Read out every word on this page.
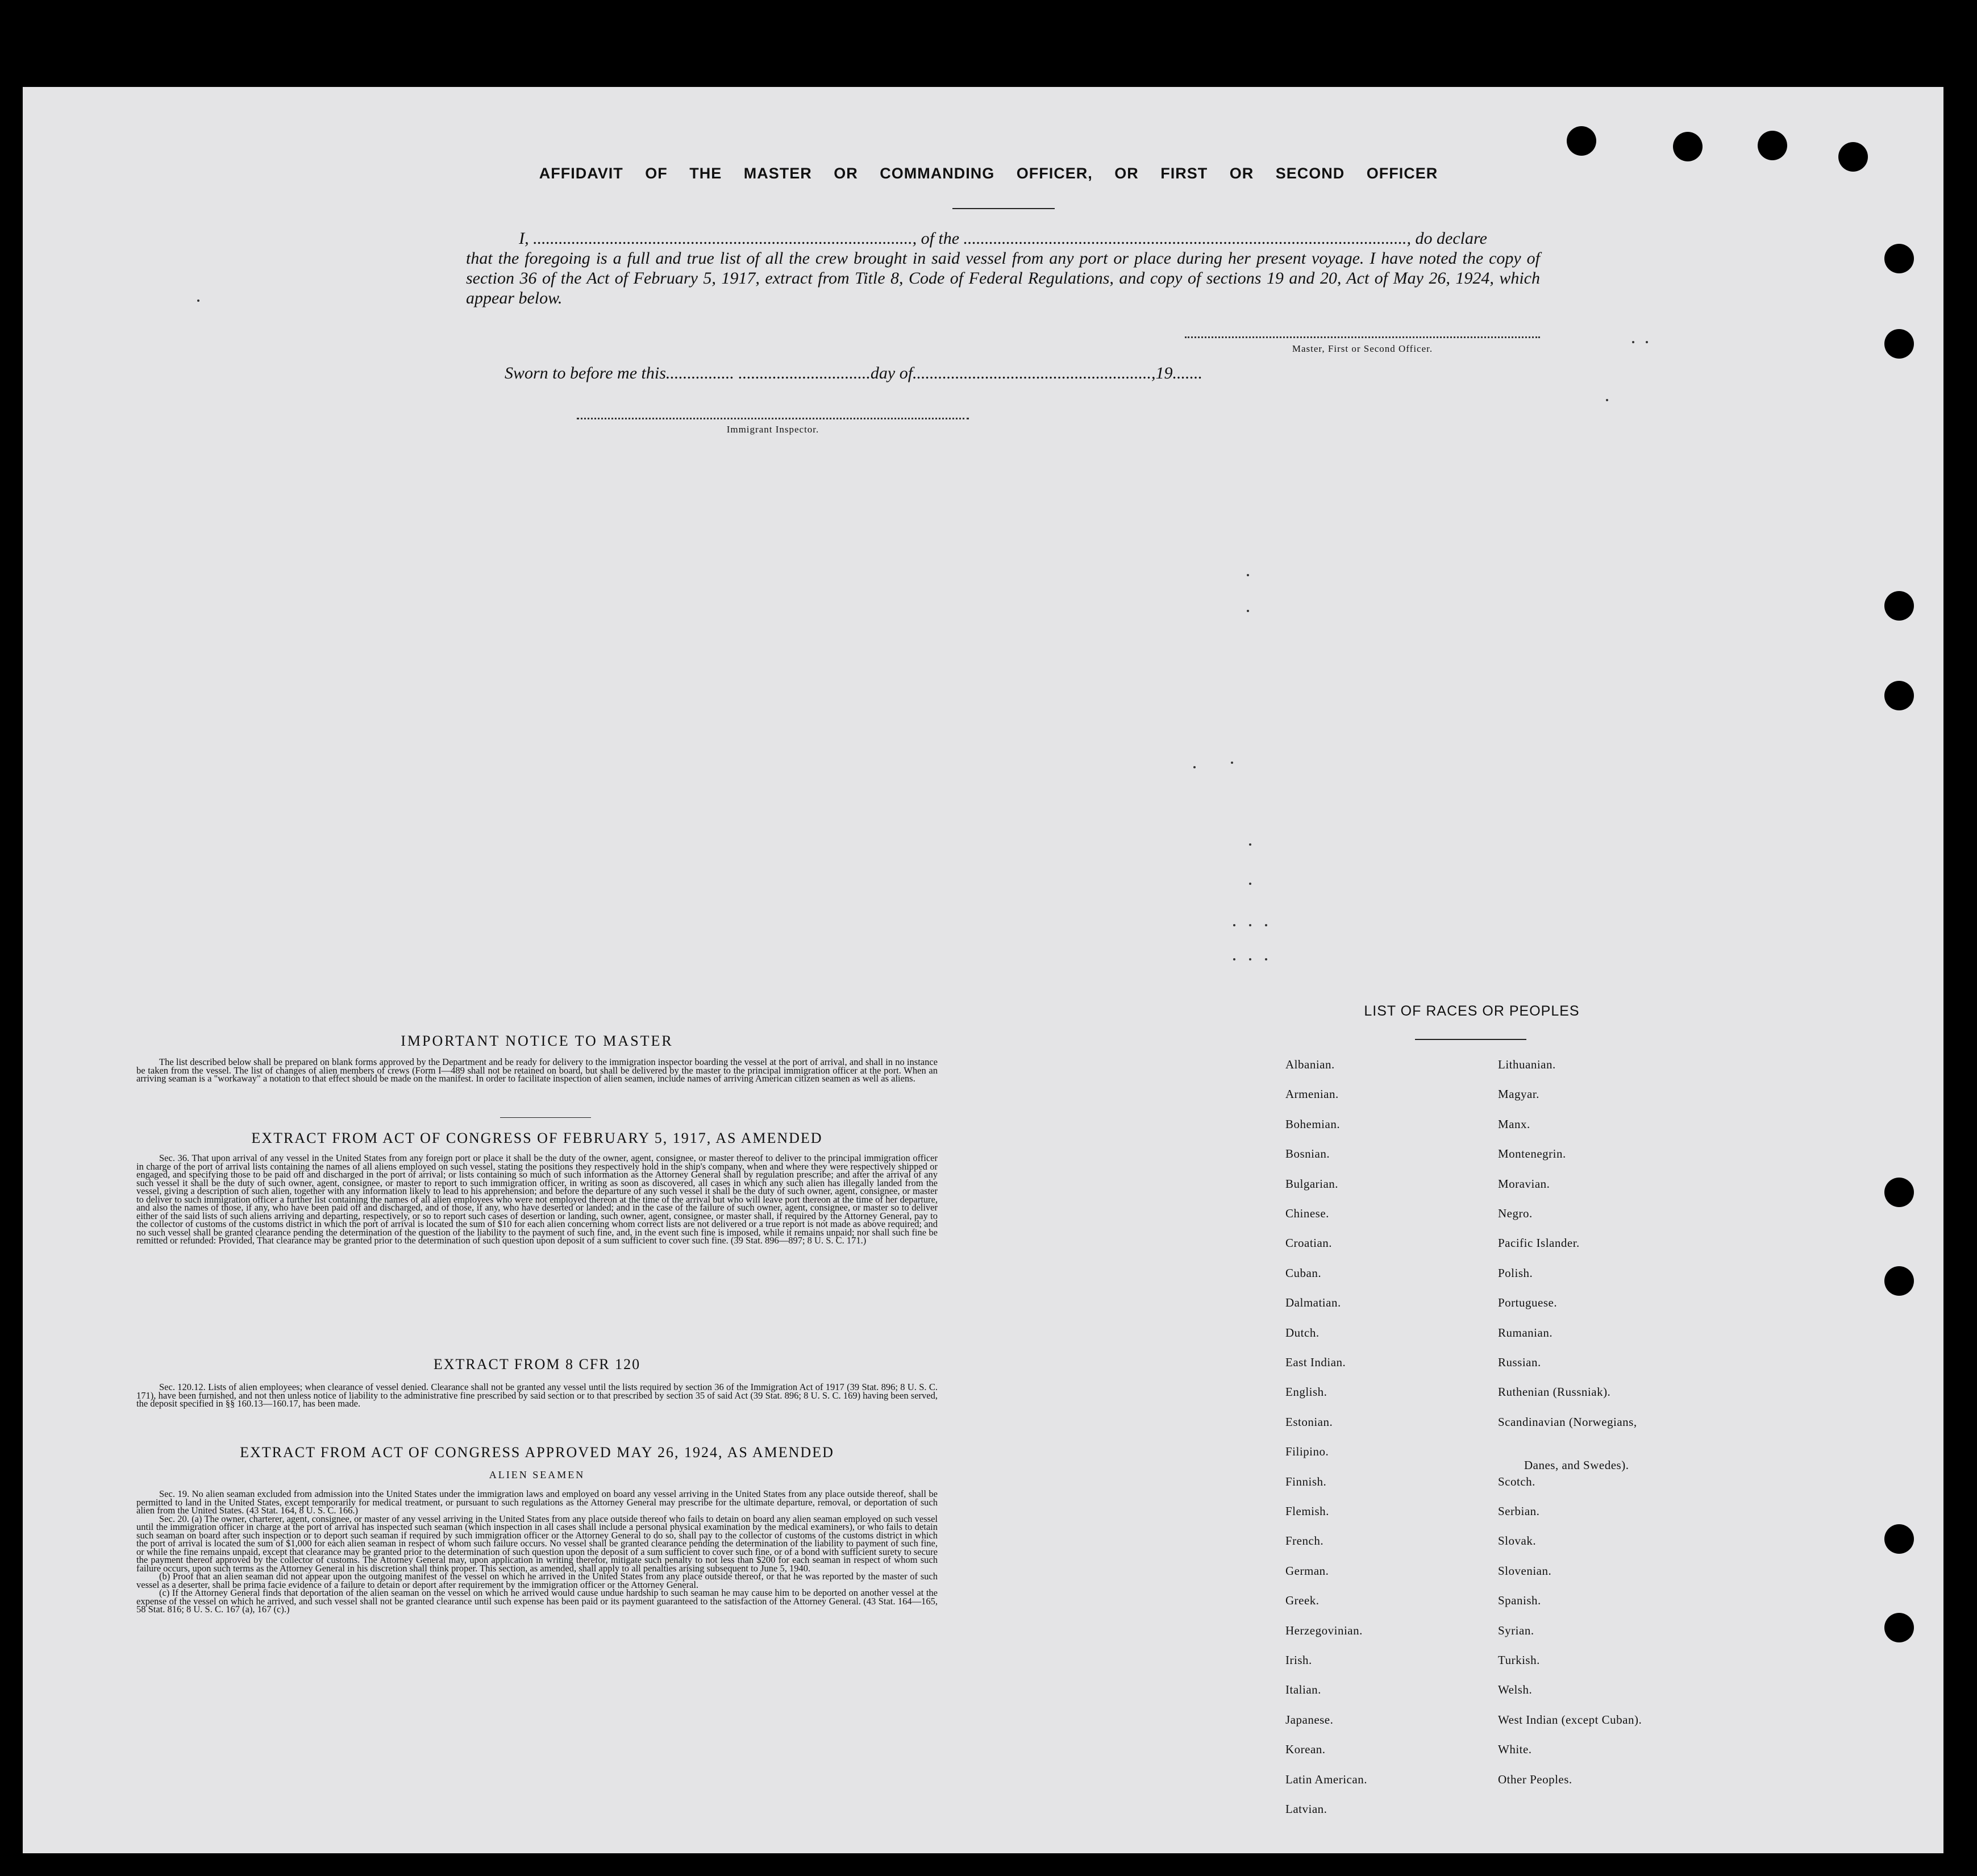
AFFIDAVIT OF THE MASTER OR COMMANDING OFFICER, OR FIRST OR SECOND OFFICER
I, ........................................................................................., of the ........................................................................................................, do declare
that the foregoing is a full and true list of all the crew brought in said vessel from any port or place during her present voyage. I have noted the copy of section 36 of the Act of February 5, 1917, extract from Title 8, Code of Federal Regulations, and copy of sections 19 and 20, Act of May 26, 1924, which appear below.
Master, First or Second Officer.
Sworn to before me this................ ...............................day of........................................................,19.......
Immigrant Inspector.
IMPORTANT NOTICE TO MASTER

The list described below shall be prepared on blank forms approved by the Department and be ready for delivery to the immigration inspector boarding the vessel at the port of arrival, and shall in no instance be taken from the vessel. The list of changes of alien members of crews (Form I—489 shall not be retained on board, but shall be delivered by the master to the principal immigration officer at the port. When an arriving seaman is a "workaway" a notation to that effect should be made on the manifest. In order to facilitate inspection of alien seamen, include names of arriving American citizen seamen as well as aliens.

EXTRACT FROM ACT OF CONGRESS OF FEBRUARY 5, 1917, AS AMENDED

Sec. 36. That upon arrival of any vessel in the United States from any foreign port or place it shall be the duty of the owner, agent, consignee, or master thereof to deliver to the principal immigration officer in charge of the port of arrival lists containing the names of all aliens employed on such vessel, stating the positions they respectively hold in the ship's company, when and where they were respectively shipped or engaged, and specifying those to be paid off and discharged in the port of arrival; or lists containing so much of such information as the Attorney General shall by regulation prescribe; and after the arrival of any such vessel it shall be the duty of such owner, agent, consignee, or master to report to such immigration officer, in writing as soon as discovered, all cases in which any such alien has illegally landed from the vessel, giving a description of such alien, together with any information likely to lead to his apprehension; and before the departure of any such vessel it shall be the duty of such owner, agent, consignee, or master to deliver to such immigration officer a further list containing the names of all alien employees who were not employed thereon at the time of the arrival but who will leave port thereon at the time of her departure, and also the names of those, if any, who have been paid off and discharged, and of those, if any, who have deserted or landed; and in the case of the failure of such owner, agent, consignee, or master so to deliver either of the said lists of such aliens arriving and departing, respectively, or so to report such cases of desertion or landing, such owner, agent, consignee, or master shall, if required by the Attorney General, pay to the collector of customs of the customs district in which the port of arrival is located the sum of $10 for each alien concerning whom correct lists are not delivered or a true report is not made as above required; and no such vessel shall be granted clearance pending the determination of the question of the liability to the payment of such fine, and, in the event such fine is imposed, while it remains unpaid; nor shall such fine be remitted or refunded: Provided, That clearance may be granted prior to the determination of such question upon deposit of a sum sufficient to cover such fine. (39 Stat. 896—897; 8 U. S. C. 171.)

EXTRACT FROM 8 CFR 120

Sec. 120.12. Lists of alien employees; when clearance of vessel denied. Clearance shall not be granted any vessel until the lists required by section 36 of the Immigration Act of 1917 (39 Stat. 896; 8 U. S. C. 171), have been furnished, and not then unless notice of liability to the administrative fine prescribed by said section or to that prescribed by section 35 of said Act (39 Stat. 896; 8 U. S. C. 169) having been served, the deposit specified in §§ 160.13—160.17, has been made.

EXTRACT FROM ACT OF CONGRESS APPROVED MAY 26, 1924, AS AMENDED
ALIEN SEAMEN

Sec. 19. No alien seaman excluded from admission into the United States under the immigration laws and employed on board any vessel arriving in the United States from any place outside thereof, shall be permitted to land in the United States, except temporarily for medical treatment, or pursuant to such regulations as the Attorney General may prescribe for the ultimate departure, removal, or deportation of such alien from the United States. (43 Stat. 164, 8 U. S. C. 166.)

Sec. 20. (a) The owner, charterer, agent, consignee, or master of any vessel arriving in the United States from any place outside thereof who fails to detain on board any alien seaman employed on such vessel until the immigration officer in charge at the port of arrival has inspected such seaman (which inspection in all cases shall include a personal physical examination by the medical examiners), or who fails to detain such seaman on board after such inspection or to deport such seaman if required by such immigration officer or the Attorney General to do so, shall pay to the collector of customs of the customs district in which the port of arrival is located the sum of $1,000 for each alien seaman in respect of whom such failure occurs. No vessel shall be granted clearance pending the determination of the liability to payment of such fine, or while the fine remains unpaid, except that clearance may be granted prior to the determination of such question upon the deposit of a sum sufficient to cover such fine, or of a bond with sufficient surety to secure the payment thereof approved by the collector of customs. The Attorney General may, upon application in writing therefor, mitigate such penalty to not less than $200 for each seaman in respect of whom such failure occurs, upon such terms as the Attorney General in his discretion shall think proper. This section, as amended, shall apply to all penalties arising subsequent to June 5, 1940.

(b) Proof that an alien seaman did not appear upon the outgoing manifest of the vessel on which he arrived in the United States from any place outside thereof, or that he was reported by the master of such vessel as a deserter, shall be prima facie evidence of a failure to detain or deport after requirement by the immigration officer or the Attorney General.

(c) If the Attorney General finds that deportation of the alien seaman on the vessel on which he arrived would cause undue hardship to such seaman he may cause him to be deported on another vessel at the expense of the vessel on which he arrived, and such vessel shall not be granted clearance until such expense has been paid or its payment guaranteed to the satisfaction of the Attorney General. (43 Stat. 164—165, 58 Stat. 816; 8 U. S. C. 167 (a), 167 (c).)

LIST OF RACES OR PEOPLES
Albanian.
Armenian.
Bohemian.
Bosnian.
Bulgarian.
Chinese.
Croatian.
Cuban.
Dalmatian.
Dutch.
East Indian.
English.
Estonian.
Filipino.
Finnish.
Flemish.
French.
German.
Greek.
Herzegovinian.
Irish.
Italian.
Japanese.
Korean.
Latin American.
Latvian.
Lithuanian.
Magyar.
Manx.
Montenegrin.
Moravian.
Negro.
Pacific Islander.
Polish.
Portuguese.
Rumanian.
Russian.
Ruthenian (Russniak).
Scandinavian (Norwegians,
Danes, and Swedes).
Scotch.
Serbian.
Slovak.
Slovenian.
Spanish.
Syrian.
Turkish.
Welsh.
West Indian (except Cuban).
White.
Other Peoples.
